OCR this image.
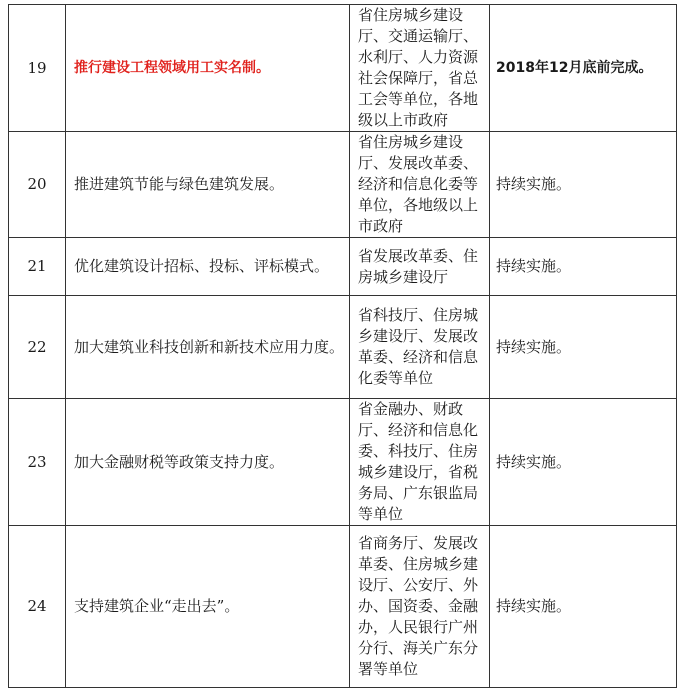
19	推行建设工程领域用工实名制。	省住房城乡建设厅、交通运输厅、水利厅、人力资源社会保障厅，省总工会等单位，各地级以上市政府	2018年12月底前完成。
20	推进建筑节能与绿色建筑发展。	省住房城乡建设厅、发展改革委、经济和信息化委等单位，各地级以上市政府	持续实施。
21	优化建筑设计招标、投标、评标模式。	省发展改革委、住房城乡建设厅	持续实施。
22	加大建筑业科技创新和新技术应用力度。	省科技厅、住房城乡建设厅、发展改革委、经济和信息化委等单位	持续实施。
23	加大金融财税等政策支持力度。	省金融办、财政厅、经济和信息化委、科技厅、住房城乡建设厅，省税务局、广东银监局等单位	持续实施。
24	支持建筑企业“走出去”。	省商务厅、发展改革委、住房城乡建设厅、公安厅、外办、国资委、金融办，人民银行广州分行、海关广东分署等单位	持续实施。
